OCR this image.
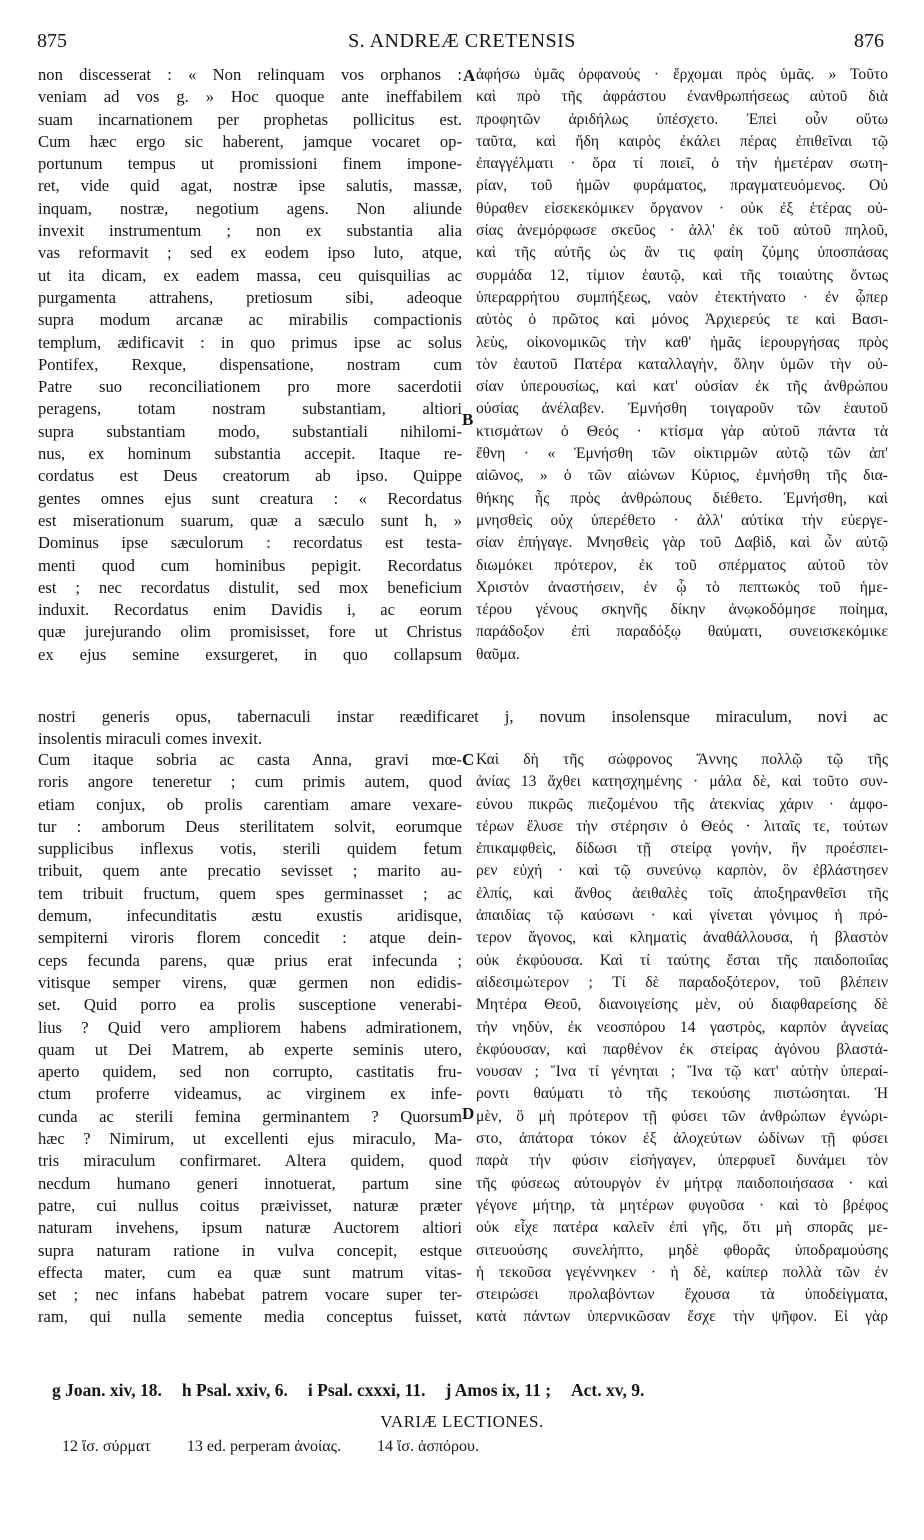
875	S. ANDREÆ CRETENSIS	876
non discesserat : « Non relinquam vos orphanos :
veniam ad vos g. » Hoc quoque ante ineffabilem
suam incarnationem per prophetas pollicitus est.
Cum hæc ergo sic haberent, jamque vocaret op-
portunum tempus ut promissioni finem impone-
ret, vide quid agat, nostræ ipse salutis, massæ,
inquam, nostræ, negotium agens. Non aliunde
invexit instrumentum ; non ex substantia alia
vas reformavit ; sed ex eodem ipso luto, atque,
ut ita dicam, ex eadem massa, ceu quisquilias ac
purgamenta attrahens, pretiosum sibi, adeoque
supra modum arcanæ ac mirabilis compactionis
templum, ædificavit : in quo primus ipse ac solus
Pontifex, Rexque, dispensatione, nostram cum
Patre suo reconciliationem pro more sacerdotii
peragens, totam nostram substantiam, altiori
supra substantiam modo, substantiali nihilomi-
nus, ex hominum substantia accepit. Itaque re-
cordatus est Deus creatorum ab ipso. Quippe
gentes omnes ejus sunt creatura : « Recordatus
est miserationum suarum, quæ a sæculo sunt h, »
Dominus ipse sæculorum : recordatus est testa-
menti quod cum hominibus pepigit. Recordatus
est ; nec recordatus distulit, sed mox beneficium
induxit. Recordatus enim Davidis i, ac eorum
quæ jurejurando olim promisisset, fore ut Christus
ex ejus semine exsurgeret, in quo collapsum
ἀφήσω ὑμᾶς ὀρφανούς · ἔρχομαι πρὸς ὑμᾶς. » Τοῦτο
καὶ πρὸ τῆς ἀφράστου ἐνανθρωπήσεως αὐτοῦ διὰ
προφητῶν ἀριδήλως ὑπέσχετο. Ἐπεὶ οὖν οὕτω
ταῦτα, καὶ ἤδη καιρὸς ἐκάλει πέρας ἐπιθεῖναι τῷ
ἐπαγγέλματι · ὅρα τί ποιεῖ, ὁ τὴν ἡμετέραν σωτη-
ρίαν, τοῦ ἡμῶν φυράματος, πραγματευόμενος. Οὐ
θύραθεν εἰσεκεκόμικεν ὄργανον · οὐκ ἐξ ἑτέρας οὐ-
σίας ἀνεμόρφωσε σκεῦος · ἀλλ' ἐκ τοῦ αὐτοῦ πηλοῦ,
καὶ τῆς αὐτῆς ὡς ἂν τις φαίη ζύμης ὑποσπάσας
συρμάδα 12, τίμιον ἑαυτῷ, καὶ τῆς τοιαύτης ὄντως
ὑπεραρρήτου συμπήξεως, ναὸν ἐτεκτήνατο · ἐν ᾧπερ
αὐτὸς ὁ πρῶτος καὶ μόνος Ἀρχιερεύς τε καὶ Βασι-
λεὺς, οἰκονομικῶς τὴν καθ' ἡμᾶς ἱερουργήσας πρὸς
τὸν ἑαυτοῦ Πατέρα καταλλαγὴν, ὅλην ὑμῶν τὴν οὐ-
σίαν ὑπερουσίως, καὶ κατ' οὐσίαν ἐκ τῆς ἀνθρώπου
οὐσίας ἀνέλαβεν. Ἐμνήσθη τοιγαροῦν τῶν ἑαυτοῦ
κτισμάτων ὁ Θεός · κτίσμα γὰρ αὐτοῦ πάντα τὰ
ἔθνη · « Ἐμνήσθη τῶν οἰκτιρμῶν αὐτῷ τῶν ἀπ'
αἰῶνος, » ὁ τῶν αἰώνων Κύριος, ἐμνήσθη τῆς δια-
θήκης ἧς πρὸς ἀνθρώπους διέθετο. Ἐμνήσθη, καὶ
μνησθεὶς οὐχ ὑπερέθετο · ἀλλ' αὐτίκα τὴν εὐεργε-
σίαν ἐπήγαγε. Μνησθεὶς γὰρ τοῦ Δαβὶδ, καὶ ὧν αὐτῷ
διωμόκει πρότερον, ἐκ τοῦ σπέρματος αὐτοῦ τὸν
Χριστὸν ἀναστήσειν, ἐν ᾧ τὸ πεπτωκὸς τοῦ ἡμε-
τέρου γένους σκηνῆς δίκην ἀνῳκοδόμησε ποίημα,
παράδοξον ἐπὶ παραδόξῳ θαύματι, συνεισκεκόμικε
θαῦμα.
nostri generis opus, tabernaculi instar reædificaret j, novum insolensque miraculum, novi ac
insolentis miraculi comes invexit.
Cum itaque sobria ac casta Anna, gravi mœ-
roris angore teneretur ; cum primis autem, quod
etiam conjux, ob prolis carentiam amare vexare-
tur : amborum Deus sterilitatem solvit, eorumque
supplicibus inflexus votis, sterili quidem fetum
tribuit, quem ante precatio sevisset ; marito au-
tem tribuit fructum, quem spes germinasset ; ac
demum, infecunditatis æstu exustis aridisque,
sempiterni viroris florem concedit : atque dein-
ceps fecunda parens, quæ prius erat infecunda ;
vitisque semper virens, quæ germen non edidis-
set. Quid porro ea prolis susceptione venerabi-
lius ? Quid vero ampliorem habens admirationem,
quam ut Dei Matrem, ab experte seminis utero,
aperto quidem, sed non corrupto, castitatis fru-
ctum proferre videamus, ac virginem ex infe-
cunda ac sterili femina germinantem ? Quorsum
hæc ? Nimirum, ut excellenti ejus miraculo, Ma-
tris miraculum confirmaret. Altera quidem, quod
necdum humano generi innotuerat, partum sine
patre, cui nullus coitus præivisset, naturæ præter
naturam invehens, ipsum naturæ Auctorem altiori
supra naturam ratione in vulva concepit, estque
effecta mater, cum ea quæ sunt matrum vitas-
set ; nec infans habebat patrem vocare super ter-
ram, qui nulla semente media conceptus fuisset,
Καὶ δὴ τῆς σώφρονος Ἄννης πολλῷ τῷ τῆς
ἀνίας 13 ἄχθει κατησχημένης · μάλα δὲ, καὶ τοῦτο συν-
εύνου πικρῶς πιεζομένου τῆς ἀτεκνίας χάριν · ἀμφο-
τέρων ἔλυσε τὴν στέρησιν ὁ Θεός · λιταῖς τε, τούτων
ἐπικαμφθεὶς, δίδωσι τῇ στείρᾳ γονὴν, ἣν προέσπει-
ρεν εὐχή · καὶ τῷ συνεύνῳ καρπὸν, ὃν ἐβλάστησεν
ἐλπίς, καὶ ἄνθος ἀειθαλὲς τοῖς ἀποξηρανθεῖσι τῆς
ἀπαιδίας τῷ καύσωνι · καὶ γίνεται γόνιμος ἡ πρό-
τερον ἄγονος, καὶ κληματὶς ἀναθάλλουσα, ἡ βλαστὸν
οὐκ ἐκφύουσα. Καὶ τί ταύτης ἔσται τῆς παιδοποιΐας
αἰδεσιμώτερον ; Τί δὲ παραδοξότερον, τοῦ βλέπειν
Μητέρα Θεοῦ, διανοιγείσης μὲν, οὐ διαφθαρείσης δὲ
τὴν νηδὺν, ἐκ νεοσπόρου 14 γαστρὸς, καρπὸν ἁγνείας
ἐκφύουσαν, καὶ παρθένον ἐκ στείρας ἀγόνου βλαστά-
νουσαν ; Ἵνα τί γένηται ; Ἵνα τῷ κατ' αὐτὴν ὑπεραί-
ροντι θαύματι τὸ τῆς τεκούσης πιστώσηται. Ἡ
μὲν, ὃ μὴ πρότερον τῇ φύσει τῶν ἀνθρώπων ἐγνώρι-
στο, ἀπάτορα τόκον ἐξ ἀλοχεύτων ὠδίνων τῇ φύσει
παρὰ τὴν φύσιν εἰσήγαγεν, ὑπερφυεῖ δυνάμει τὸν
τῆς φύσεως αὐτουργὸν ἐν μήτρᾳ παιδοποιήσασα · καὶ
γέγονε μήτηρ, τὰ μητέρων φυγοῦσα · καὶ τὸ βρέφος
οὐκ εἶχε πατέρα καλεῖν ἐπὶ γῆς, ὅτι μὴ σπορᾶς με-
σιτευούσης συνελήπτο, μηδὲ φθορᾶς ὑποδραμούσης
ἡ τεκοῦσα γεγέννηκεν · ἡ δὲ, καίπερ πολλὰ τῶν ἐν
στειρώσει προλαβόντων ἔχουσα τὰ ὑποδείγματα,
κατὰ πάντων ὑπερνικῶσαν ἔσχε τὴν ψῆφον. Εἰ γὰρ
A
B
C
D
g Joan. xiv, 18. h Psal. xxiv, 6. i Psal. cxxxi, 11. j Amos ix, 11 ; Act. xv, 9.
VARIÆ LECTIONES.
12 ἴσ. σύρματ 13 ed. perperam ἀνοίας. 14 ἴσ. ἀσπόρου.
